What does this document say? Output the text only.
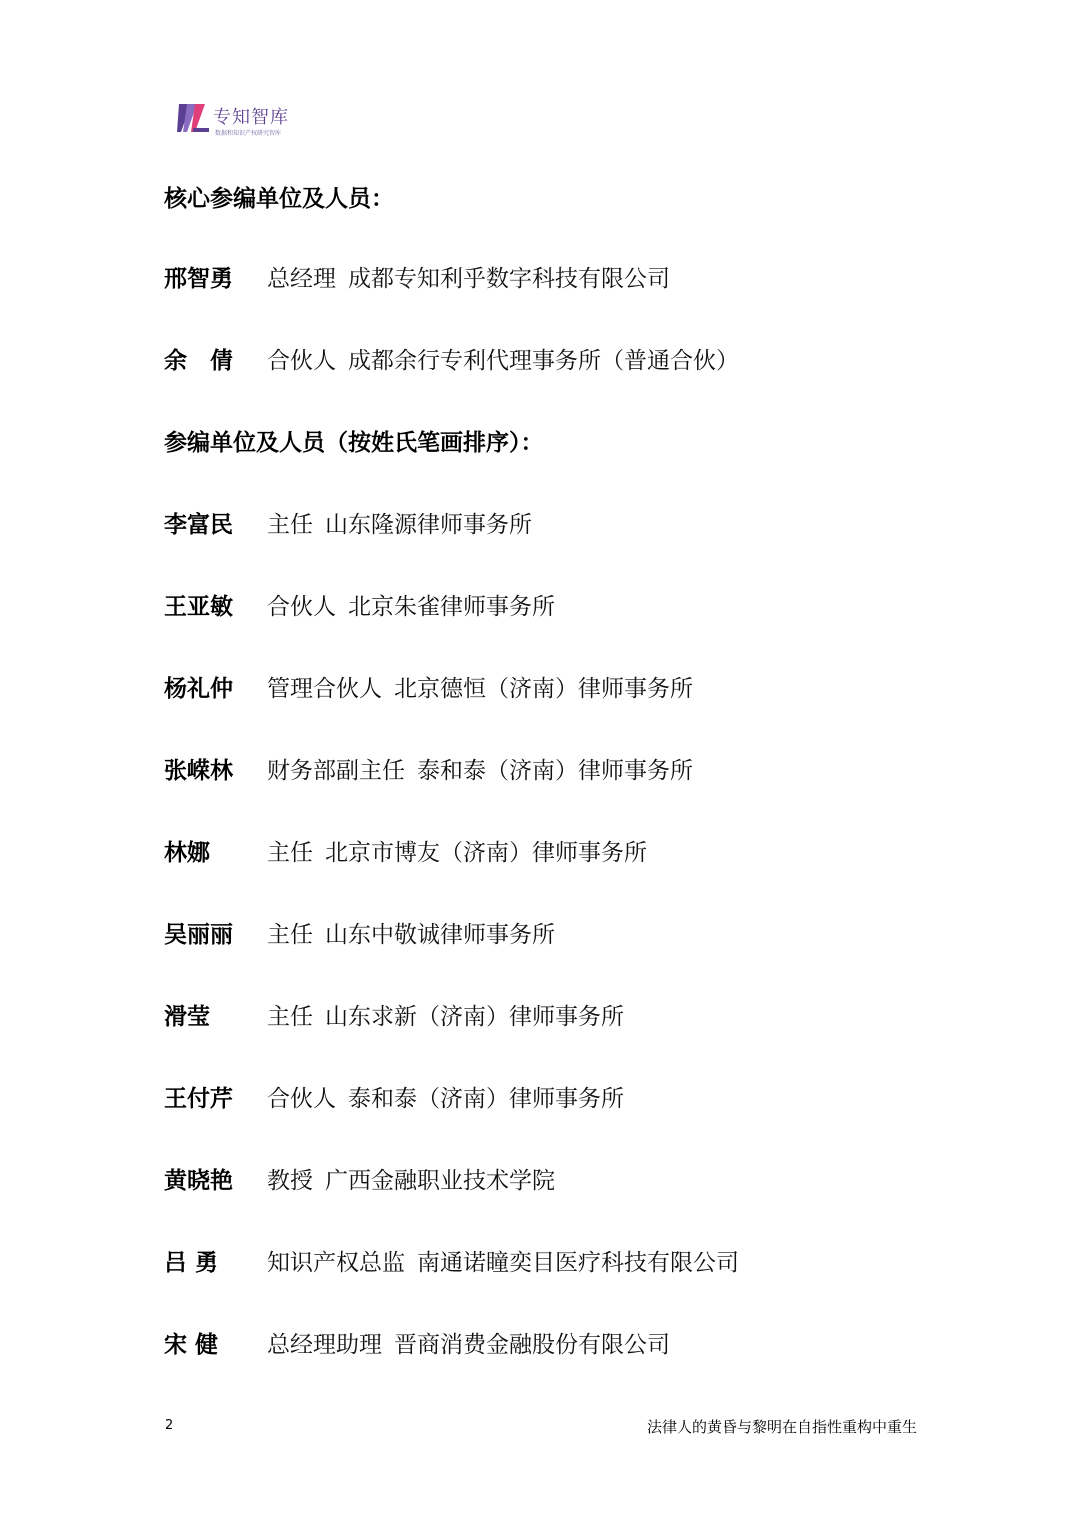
专知智库
数据和知识产权研究智库
核心参编单位及人员：
邢智勇 总经理 成都专知利乎数字科技有限公司
余　倩 合伙人 成都余行专利代理事务所（普通合伙）
参编单位及人员（按姓氏笔画排序）：
李富民 主任 山东隆源律师事务所
王亚敏 合伙人 北京朱雀律师事务所
杨礼仲 管理合伙人 北京德恒（济南）律师事务所
张嵘林 财务部副主任 泰和泰（济南）律师事务所
林娜 主任 北京市博友（济南）律师事务所
吴丽丽 主任 山东中敬诚律师事务所
滑莹 主任 山东求新（济南）律师事务所
王付芹 合伙人 泰和泰（济南）律师事务所
黄晓艳 教授 广西金融职业技术学院
吕 勇 知识产权总监 南通诺瞳奕目医疗科技有限公司
宋 健 总经理助理 晋商消费金融股份有限公司
2	法律人的黄昏与黎明在自指性重构中重生
